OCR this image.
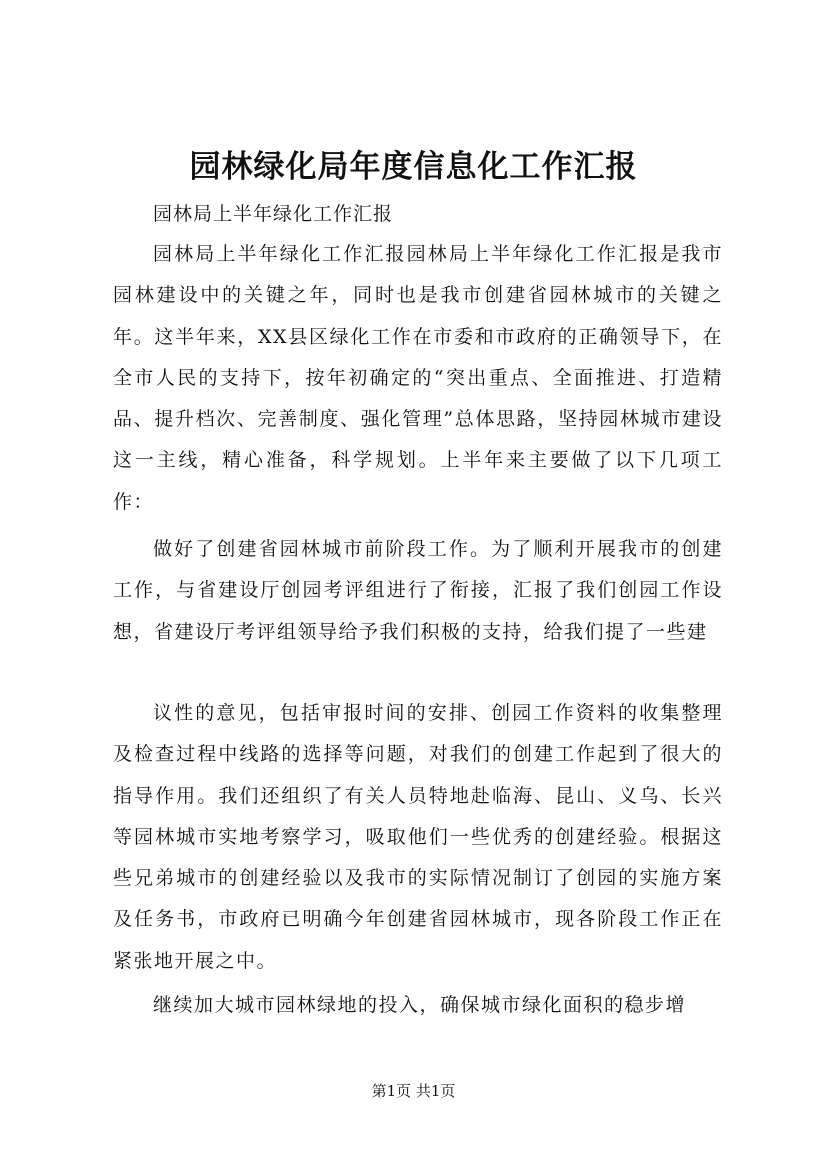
园林绿化局年度信息化工作汇报

园林局上半年绿化工作汇报

园林局上半年绿化工作汇报园林局上半年绿化工作汇报是我市园林建设中的关键之年，同时也是我市创建省园林城市的关键之年。这半年来，XX县区绿化工作在市委和市政府的正确领导下，在全市人民的支持下，按年初确定的“突出重点、全面推进、打造精品、提升档次、完善制度、强化管理”总体思路，坚持园林城市建设这一主线，精心准备，科学规划。上半年来主要做了以下几项工作：

做好了创建省园林城市前阶段工作。为了顺利开展我市的创建工作，与省建设厅创园考评组进行了衔接，汇报了我们创园工作设想，省建设厅考评组领导给予我们积极的支持，给我们提了一些建

议性的意见，包括审报时间的安排、创园工作资料的收集整理及检查过程中线路的选择等问题，对我们的创建工作起到了很大的指导作用。我们还组织了有关人员特地赴临海、昆山、义乌、长兴等园林城市实地考察学习，吸取他们一些优秀的创建经验。根据这些兄弟城市的创建经验以及我市的实际情况制订了创园的实施方案及任务书，市政府已明确今年创建省园林城市，现各阶段工作正在紧张地开展之中。

继续加大城市园林绿地的投入，确保城市绿化面积的稳步增

第1页 共1页
